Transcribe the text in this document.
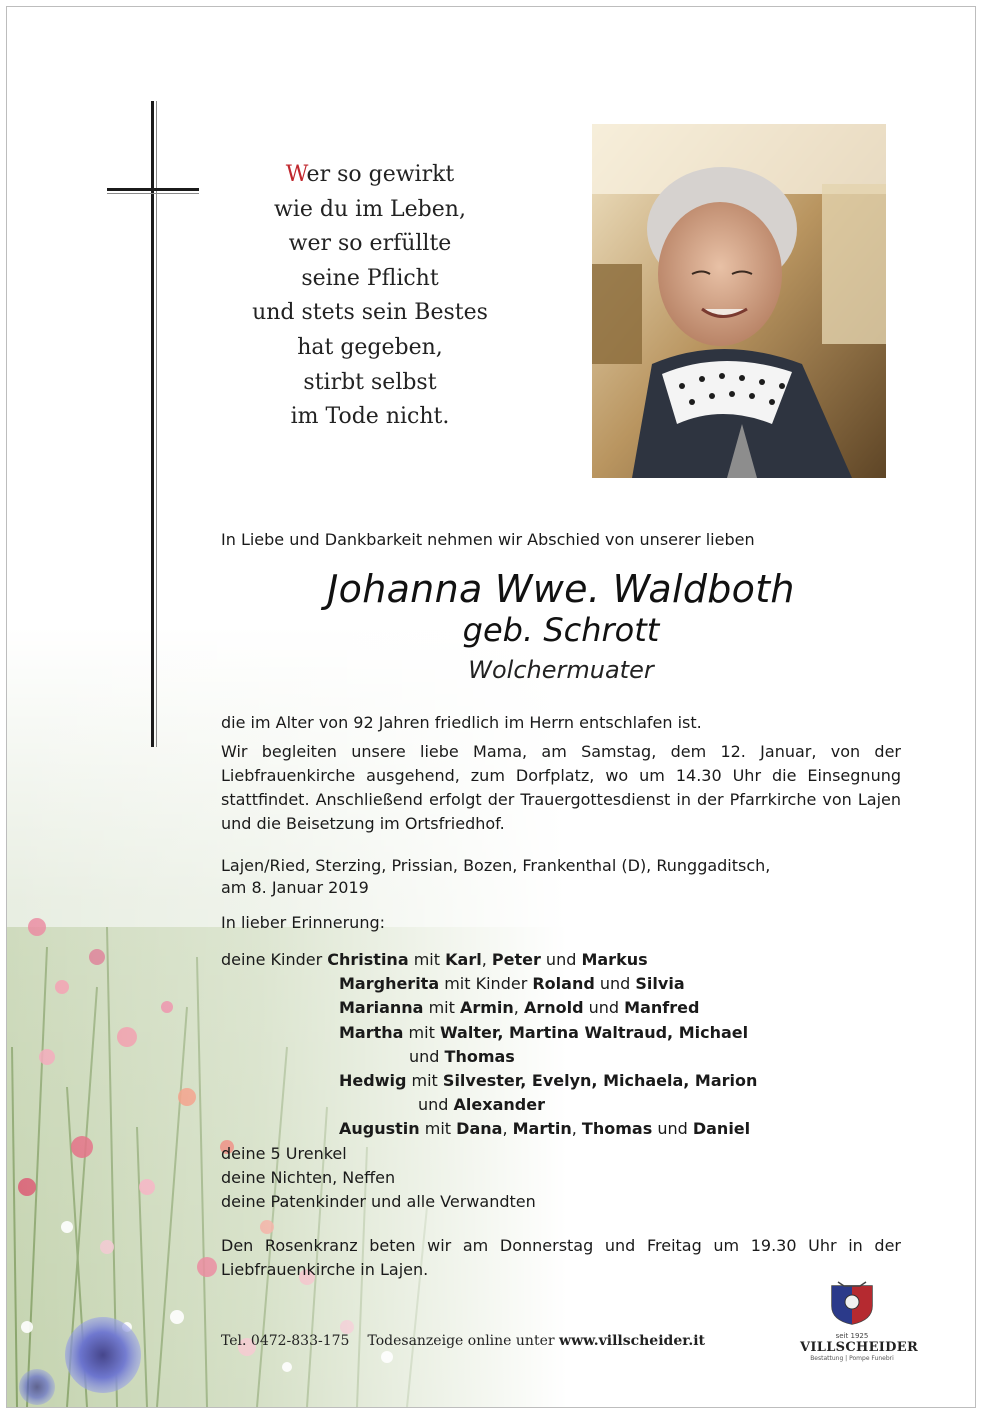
Wer so gewirkt
wie du im Leben,
wer so erfüllte
seine Pflicht
und stets sein Bestes
hat gegeben,
stirbt selbst
im Tode nicht.
In Liebe und Dankbarkeit nehmen wir Abschied von unserer lieben
Johanna Wwe. Waldboth
geb. Schrott
Wolchermuater
die im Alter von 92 Jahren friedlich im Herrn entschlafen ist.
Wir begleiten unsere liebe Mama, am Samstag, dem 12. Januar, von der Liebfrauenkirche ausgehend, zum Dorfplatz, wo um 14.30 Uhr die Einsegnung stattfindet. Anschließend erfolgt der Trauergottesdienst in der Pfarrkirche von Lajen und die Beisetzung im Ortsfriedhof.
Lajen/Ried, Sterzing, Prissian, Bozen, Frankenthal (D), Runggaditsch,
am 8. Januar 2019
In lieber Erinnerung:
deine Kinder Christina mit Karl, Peter und Markus
Margherita mit Kinder Roland und Silvia
Marianna mit Armin, Arnold und Manfred
Martha mit Walter, Martina Waltraud, Michael
und Thomas
Hedwig mit Silvester, Evelyn, Michaela, Marion
und Alexander
Augustin mit Dana, Martin, Thomas und Daniel
deine 5 Urenkel
deine Nichten, Neffen
deine Patenkinder und alle Verwandten
Den Rosenkranz beten wir am Donnerstag und Freitag um 19.30 Uhr in der Liebfrauenkirche in Lajen.
Tel. 0472-833-175 Todesanzeige online unter www.villscheider.it	seit 1925
VILLSCHEIDER
Bestattung | Pompe Funebri
